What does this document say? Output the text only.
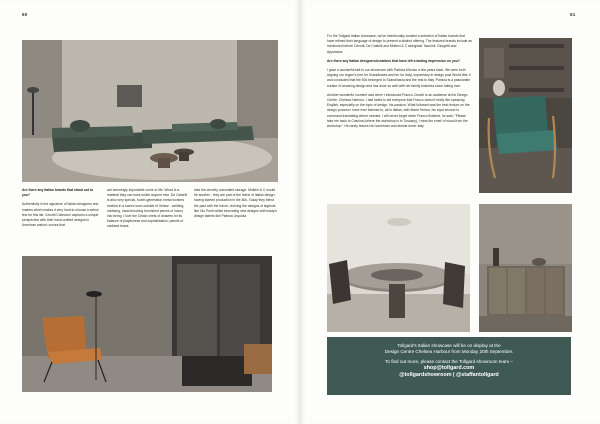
60

Are there any Italian brands that stand out to you?

Authenticity is the signature of Italian designers and makers which makes it very hard to choose a select few for this list. Cecotti Collezioni captures a unique perspective with their hand-crafted designs in American walnut; curves that

are seemingly impossible come to life. Wood is a material they can work unlike anyone else. De Castelli is also very special, fourth-generation metal workers nestled in a scenic town outside of Venice - welding, oxidising, hand-brushing burnished pieces of luxury into being. I love the Celato chest of drawers for its balance of playfulness and sophistication; panels of oxidised brass

clad the cleverly concealed storage. Molteni & C would be another - they are part of the fabric of Italian design having started production in the 80s. Today they blend the past with the future, reviving the designs of legends like Gio Ponti whilst innovating new designs with today's design talents like Patricia Urquiola.

61

For the Tollgard Italian showcase, we've intentionally curated a selection of Italian brands that have refined their language of design to present a distinct offering. The featured brands include as mentioned before Cecotti, De Castelli and Molteni & C alongside Tacchini, Giorgetti and Apparatus.

Are there any Italian designers/creatives that have left a lasting impression on you?

I gave a wonderful talk in our showroom with Patricia Moroso a few years back. We were both arguing our region's (me for Scandinavia and her for Italy) supremacy in design post World War II and concluded that the 50s belonged to Scandinavia and the rest to Italy. Patricia is a passionate curator of amazing design and has done so well with her family business since taking over.

Another wonderful moment was when I introduced Franco Cecotti to an audience at the Design Centre, Chelsea Harbour. I had failed to tell everyone that Franco doesn't really like speaking English, especially on the topic of design, his passion. What followed was the best lecture on the design process I have ever listened to, all in Italian, with Maria Teresa, his loyal second in command translating where needed. I will never forget when Franco finished, he said, "Please take me back to Cascina (where the workshop is in Tuscany), I miss the smell of wood from the workshop". He rarely leaves his hometown and almost never Italy.

Tollgard's Italian showcase will be on display at the
Design Centre Chelsea Harbour from Monday 20th September.
To find out more, please contact the Tollgard showroom team –
shop@tollgard.com
@tollgardshowroom | @staffantollgard
